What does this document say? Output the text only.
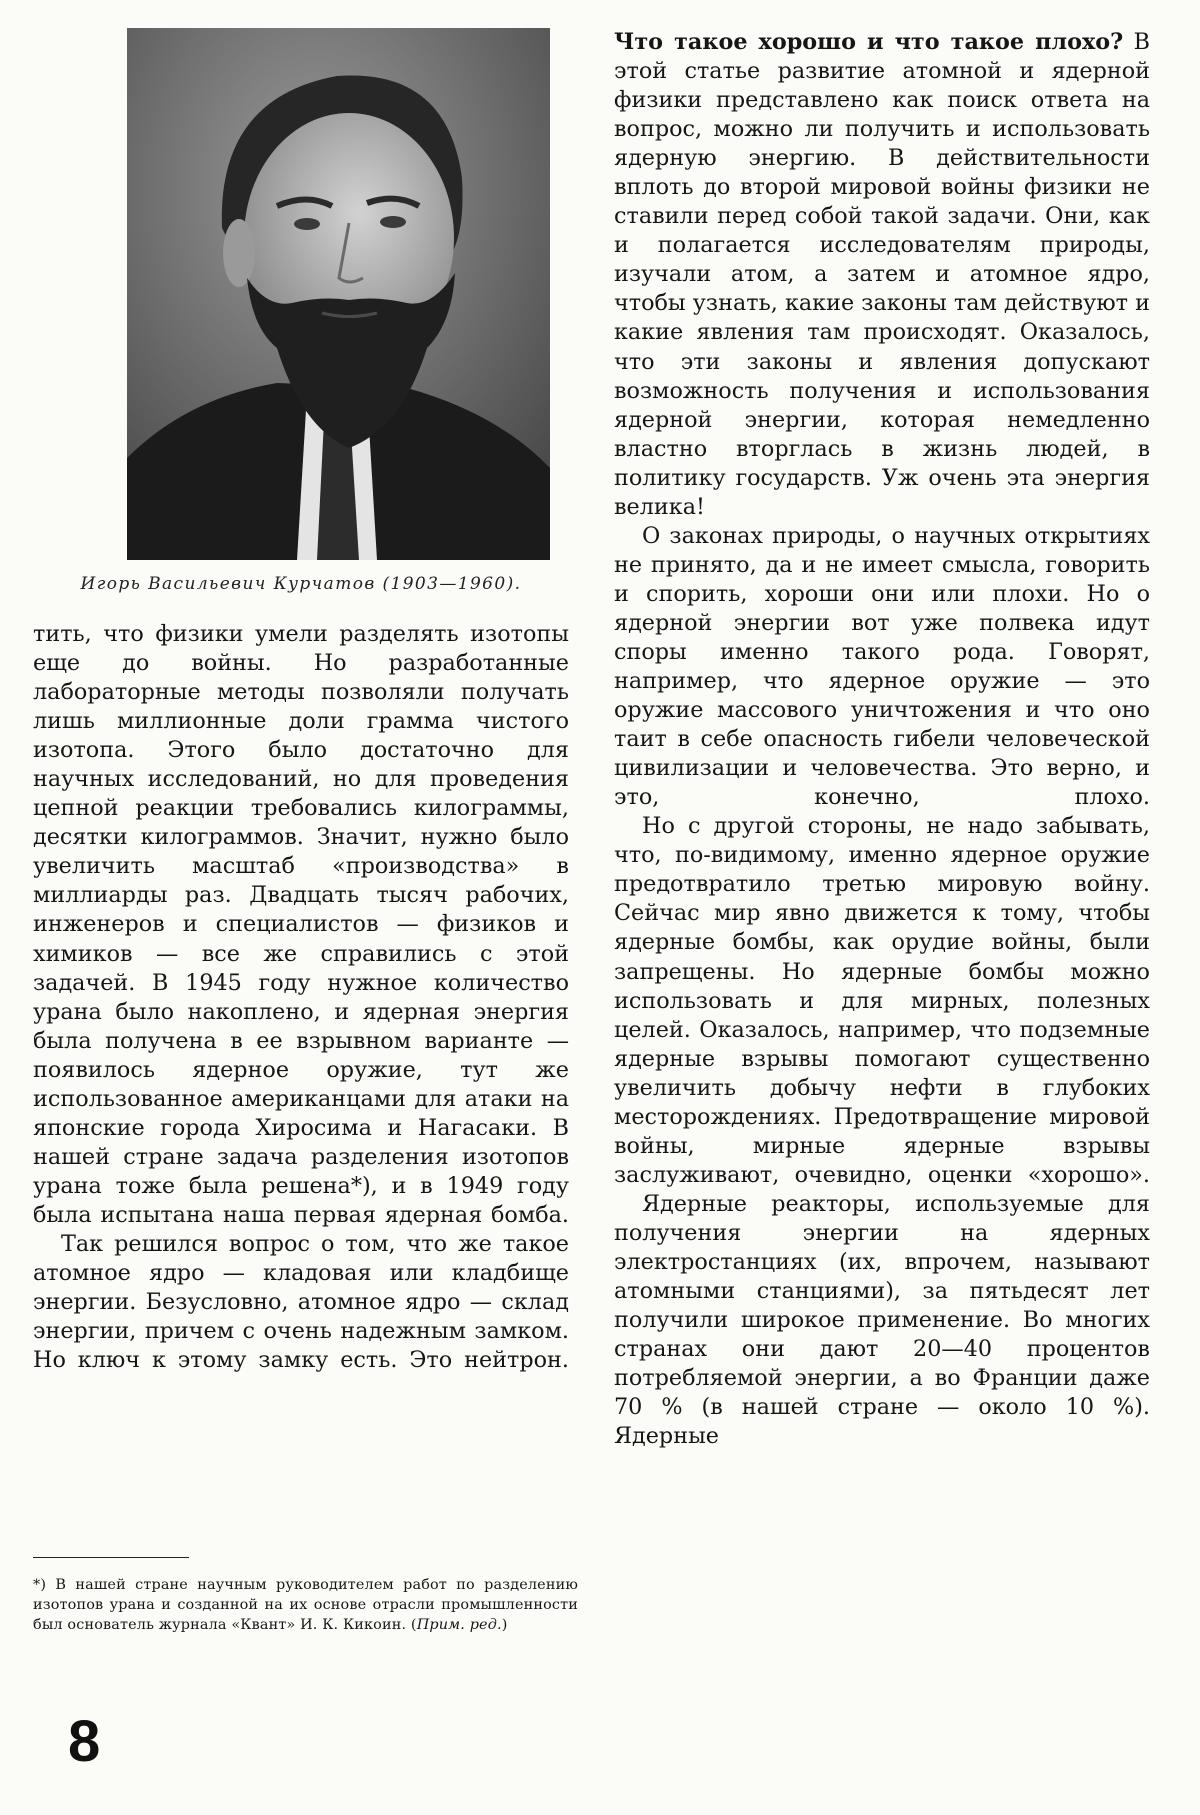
Игорь Васильевич Курчатов (1903—1960).

тить, что физики умели разделять изотопы еще до войны. Но разработанные лабораторные методы позволяли получать лишь миллионные доли грамма чистого изотопа. Этого было достаточно для научных исследований, но для проведения цепной реакции требовались килограммы, десятки килограммов. Значит, нужно было увеличить масштаб «производства» в миллиарды раз. Двадцать тысяч рабочих, инженеров и специалистов — физиков и химиков — все же справились с этой задачей. В 1945 году нужное количество урана было накоплено, и ядерная энергия была получена в ее взрывном варианте — появилось ядерное оружие, тут же использованное американцами для атаки на японские города Хиросима и Нагасаки. В нашей стране задача разделения изотопов урана тоже была решена*), и в 1949 году была испытана наша первая ядерная бомба.

Так решился вопрос о том, что же такое атомное ядро — кладовая или кладбище энергии. Безусловно, атомное ядро — склад энергии, причем с очень надежным замком. Но ключ к этому замку есть. Это нейтрон.

*) В нашей стране научным руководителем работ по разделению изотопов урана и созданной на их основе отрасли промышленности был основатель журнала «Квант» И. К. Кикоин. (Прим. ред.)

8

Что такое хорошо и что такое плохо? В этой статье развитие атомной и ядерной физики представлено как поиск ответа на вопрос, можно ли получить и использовать ядерную энергию. В действительности вплоть до второй мировой войны физики не ставили перед собой такой задачи. Они, как и полагается исследователям природы, изучали атом, а затем и атомное ядро, чтобы узнать, какие законы там действуют и какие явления там происходят. Оказалось, что эти законы и явления допускают возможность получения и использования ядерной энергии, которая немедленно властно вторглась в жизнь людей, в политику государств. Уж очень эта энергия велика!

О законах природы, о научных открытиях не принято, да и не имеет смысла, говорить и спорить, хороши они или плохи. Но о ядерной энергии вот уже полвека идут споры именно такого рода. Говорят, например, что ядерное оружие — это оружие массового уничтожения и что оно таит в себе опасность гибели человеческой цивилизации и человечества. Это верно, и это, конечно, плохо.

Но с другой стороны, не надо забывать, что, по-видимому, именно ядерное оружие предотвратило третью мировую войну. Сейчас мир явно движется к тому, чтобы ядерные бомбы, как орудие войны, были запрещены. Но ядерные бомбы можно использовать и для мирных, полезных целей. Оказалось, например, что подземные ядерные взрывы помогают существенно увеличить добычу нефти в глубоких месторождениях. Предотвращение мировой войны, мирные ядерные взрывы заслуживают, очевидно, оценки «хорошо».

Ядерные реакторы, используемые для получения энергии на ядерных электростанциях (их, впрочем, называют атомными станциями), за пятьдесят лет получили широкое применение. Во многих странах они дают 20—40 процентов потребляемой энергии, а во Франции даже 70 % (в нашей стране — около 10 %). Ядерные
